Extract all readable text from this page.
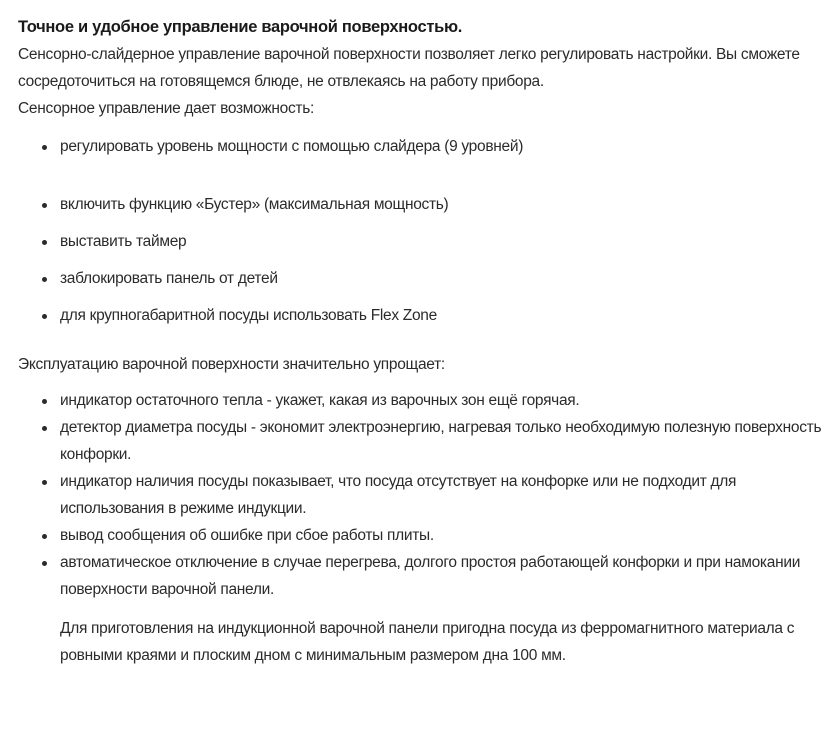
Точное и удобное управление варочной поверхностью.

Сенсорно-слайдерное управление варочной поверхности позволяет легко регулировать настройки. Вы сможете сосредоточиться на готовящемся блюде, не отвлекаясь на работу прибора.

Сенсорное управление дает возможность:

регулировать уровень мощности с помощью слайдера (9 уровней)
включить функцию «Бустер» (максимальная мощность)
выставить таймер
заблокировать панель от детей
для крупногабаритной посуды использовать Flex Zone

Эксплуатацию варочной поверхности значительно упрощает:

индикатор остаточного тепла - укажет, какая из варочных зон ещё горячая.
детектор диаметра посуды - экономит электроэнергию, нагревая только необходимую полезную поверхность конфорки.
индикатор наличия посуды показывает, что посуда отсутствует на конфорке или не подходит для использования в режиме индукции.
вывод сообщения об ошибке при сбое работы плиты.
автоматическое отключение в случае перегрева, долгого простоя работающей конфорки и при намокании поверхности варочной панели.

Для приготовления на индукционной варочной панели пригодна посуда из ферромагнитного материала с ровными краями и плоским дном с минимальным размером дна 100 мм.
